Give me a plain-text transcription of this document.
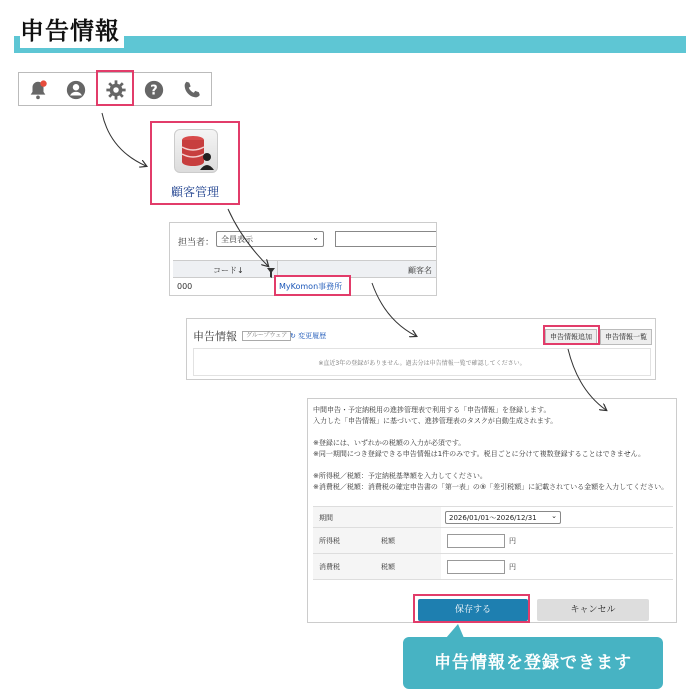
申告情報
?
顧客管理
担当者： 全員表示	⌄
コード↓	顧客名
000	MyKomon事務所
申告情報	グループウェア ↻ 変更履歴	申告情報追加	申告情報一覧
※直近3年の登録がありません。過去分は申告情報一覧で確認してください。
中間申告・予定納税用の進捗管理表で利用する「申告情報」を登録します。
入力した「申告情報」に基づいて、進捗管理表のタスクが自動生成されます。
※登録には、いずれかの税額の入力が必須です。
※同一期間につき登録できる申告情報は1件のみです。税目ごとに分けて複数登録することはできません。
※所得税／税額：予定納税基準額を入力してください。
※消費税／税額：消費税の確定申告書の「第一表」の⑨「差引税額」に記載されている金額を入力してください。
期間	2026/01/01～2026/12/31 ⌄
所得税	税額	円
消費税	税額	円
保存する	キャンセル
申告情報を登録できます
